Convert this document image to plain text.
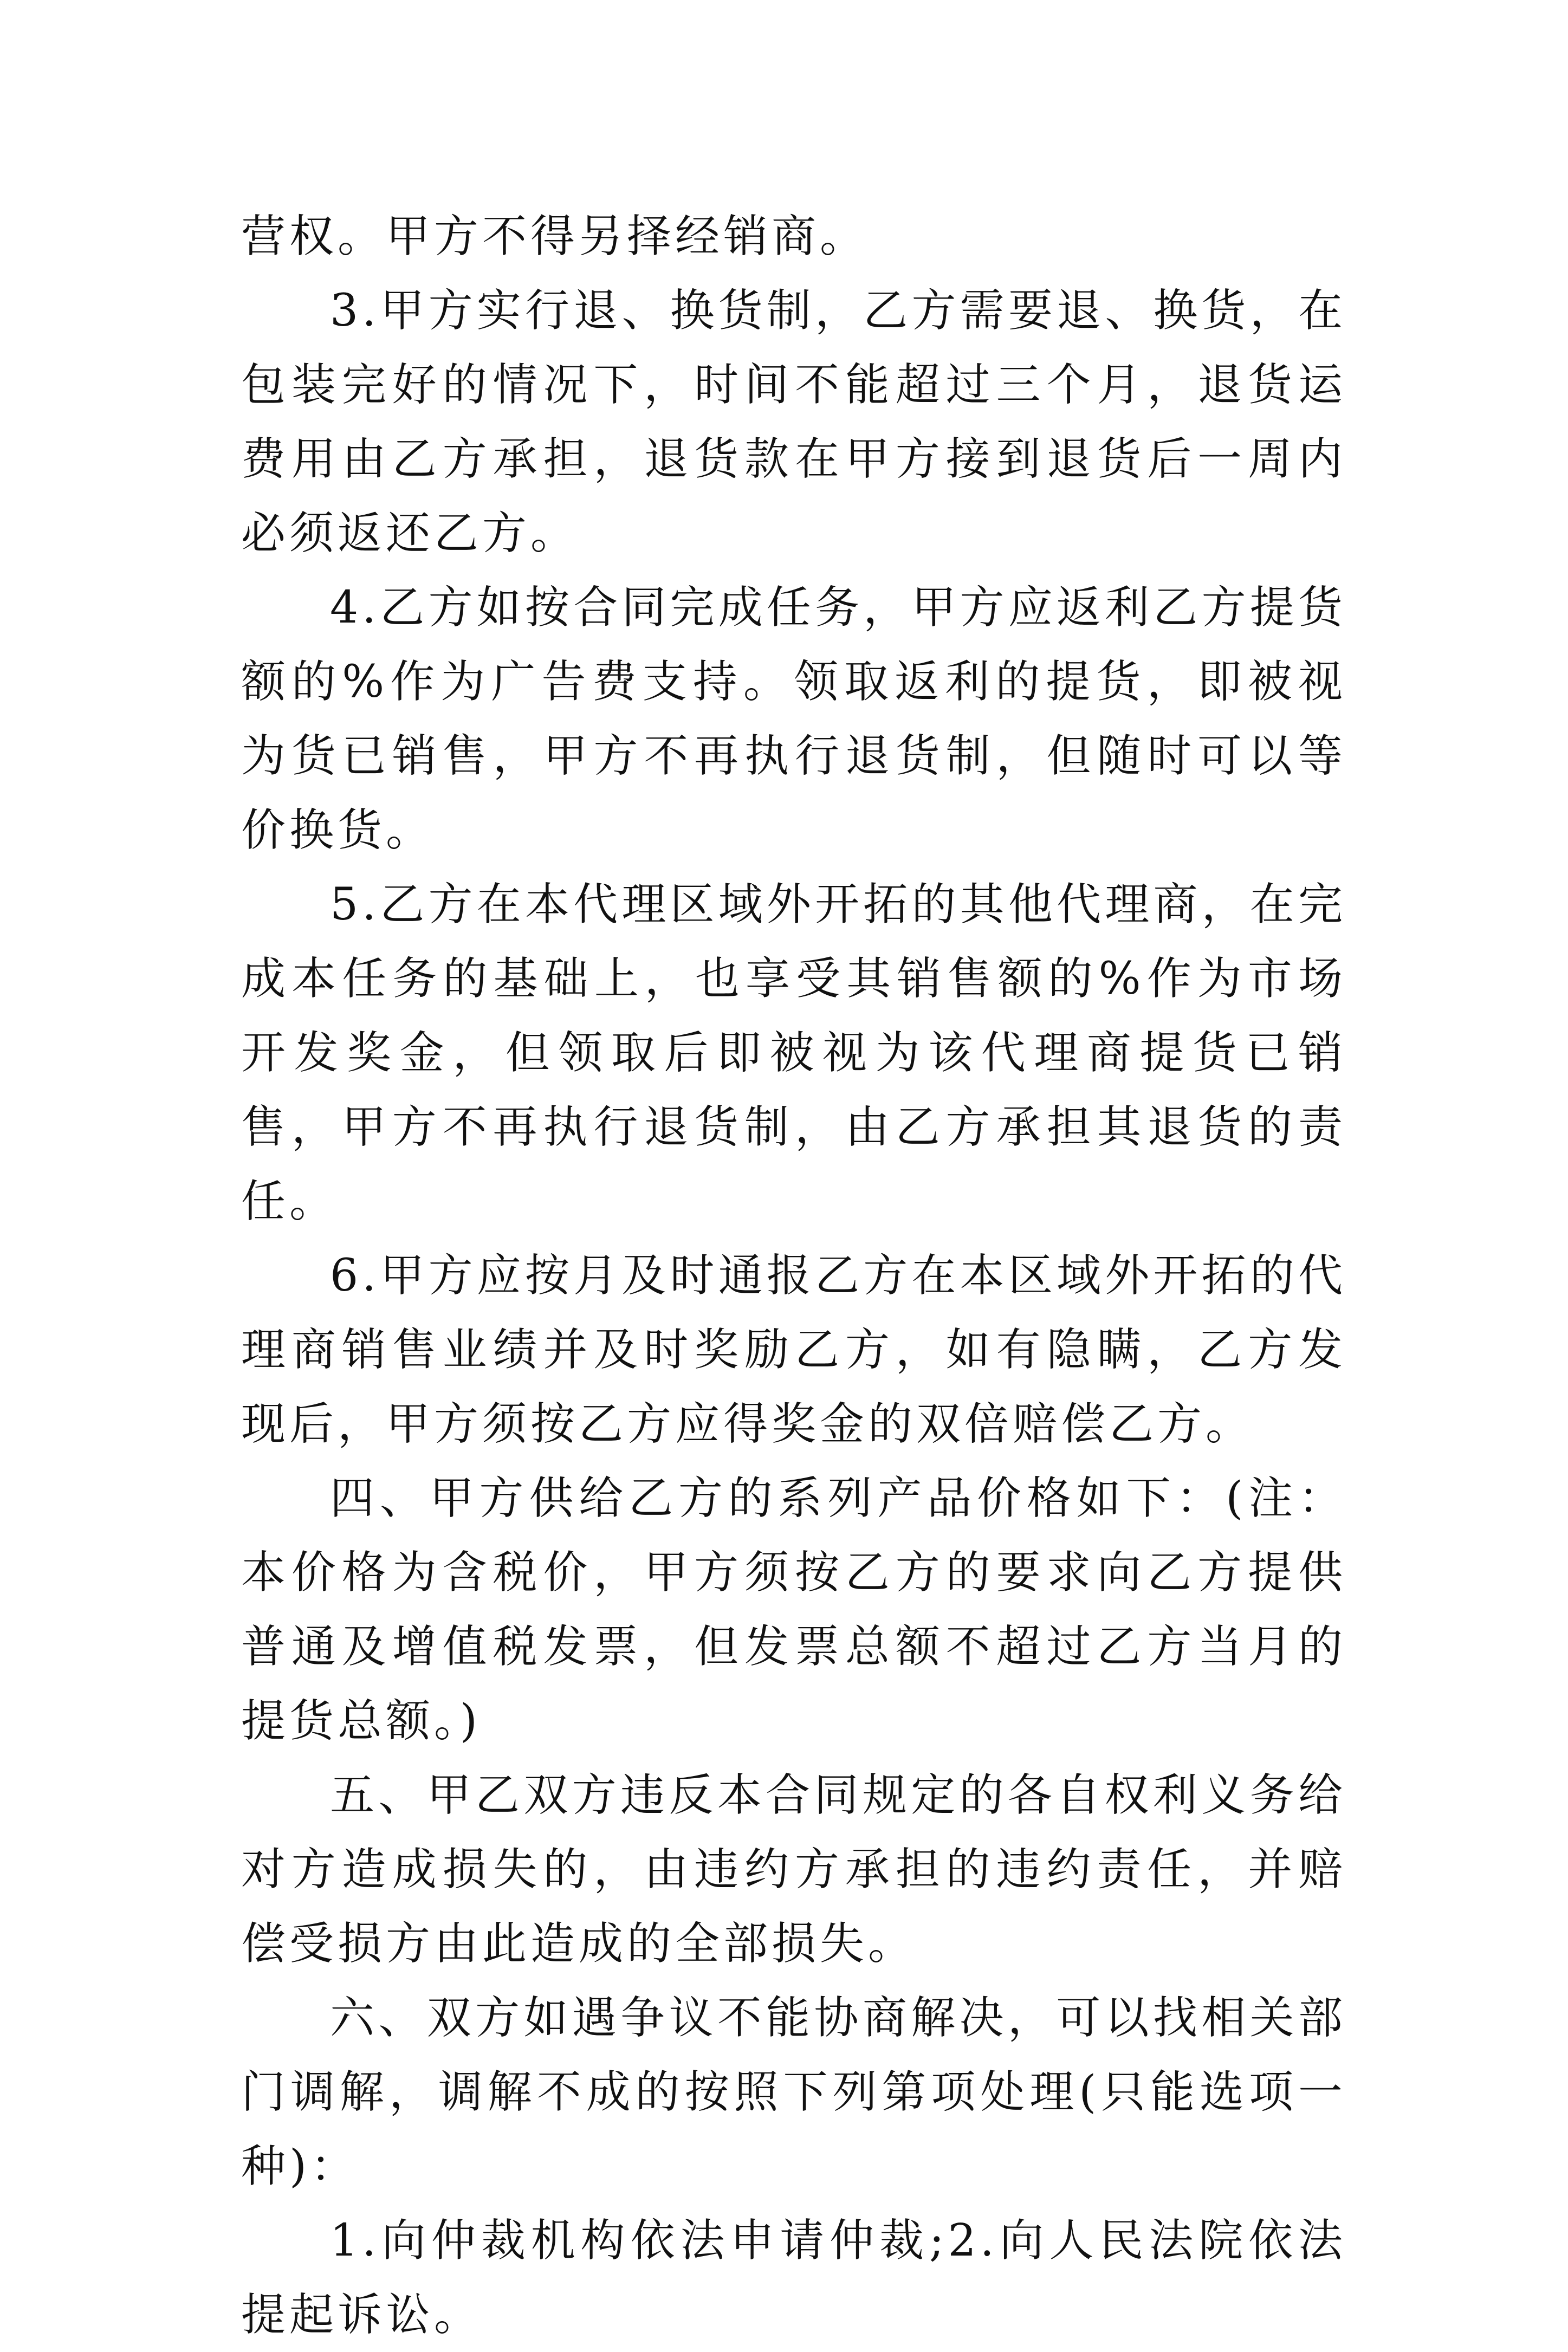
营权。甲方不得另择经销商。

3.甲方实行退、换货制，乙方需要退、换货，在包装完好的情况下，时间不能超过三个月，退货运费用由乙方承担，退货款在甲方接到退货后一周内必须返还乙方。

4.乙方如按合同完成任务，甲方应返利乙方提货额的%作为广告费支持。领取返利的提货，即被视为货已销售，甲方不再执行退货制，但随时可以等价换货。

5.乙方在本代理区域外开拓的其他代理商，在完成本任务的基础上，也享受其销售额的%作为市场开发奖金，但领取后即被视为该代理商提货已销售，甲方不再执行退货制，由乙方承担其退货的责任。

6.甲方应按月及时通报乙方在本区域外开拓的代理商销售业绩并及时奖励乙方，如有隐瞒，乙方发现后，甲方须按乙方应得奖金的双倍赔偿乙方。

四、甲方供给乙方的系列产品价格如下：(注：本价格为含税价，甲方须按乙方的要求向乙方提供普通及增值税发票，但发票总额不超过乙方当月的提货总额。)

五、甲乙双方违反本合同规定的各自权利义务给对方造成损失的，由违约方承担的违约责任，并赔偿受损方由此造成的全部损失。

六、双方如遇争议不能协商解决，可以找相关部门调解，调解不成的按照下列第项处理(只能选项一种)：

1.向仲裁机构依法申请仲裁;2.向人民法院依法提起诉讼。
